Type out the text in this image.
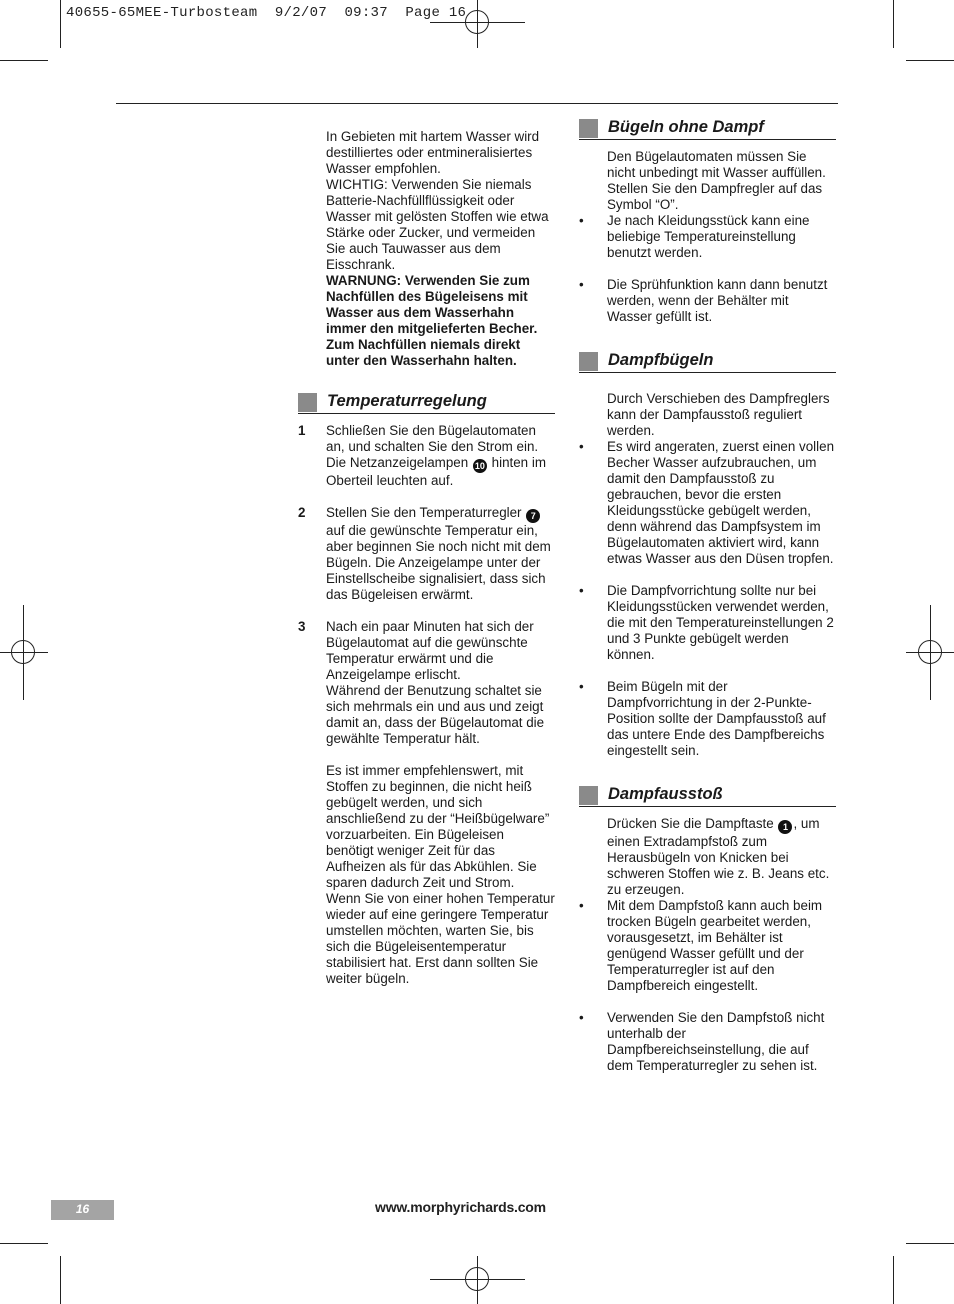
40655-65MEE-Turbosteam  9/2/07  09:37  Page 16

In Gebieten mit hartem Wasser wird destilliertes oder entmineralisiertes Wasser empfohlen.

WICHTIG: Verwenden Sie niemals Batterie-Nachfüllflüssigkeit oder Wasser mit gelösten Stoffen wie etwa Stärke oder Zucker, und vermeiden Sie auch Tauwasser aus dem Eisschrank.

WARNUNG: Verwenden Sie zum Nachfüllen des Bügeleisens mit Wasser aus dem Wasserhahn immer den mitgelieferten Becher. Zum Nachfüllen niemals direkt unter den Wasserhahn halten.

Temperaturregelung
1 Schließen Sie den Bügelautomaten an, und schalten Sie den Strom ein. Die Netzanzeigelampen 10 hinten im Oberteil leuchten auf.
2 Stellen Sie den Temperaturregler 7 auf die gewünschte Temperatur ein, aber beginnen Sie noch nicht mit dem Bügeln. Die Anzeigelampe unter der Einstellscheibe signalisiert, dass sich das Bügeleisen erwärmt.
3 Nach ein paar Minuten hat sich der Bügelautomat auf die gewünschte Temperatur erwärmt und die Anzeigelampe erlischt.

Während der Benutzung schaltet sie sich mehrmals ein und aus und zeigt damit an, dass der Bügelautomat die gewählte Temperatur hält.

Es ist immer empfehlenswert, mit Stoffen zu beginnen, die nicht heiß gebügelt werden, und sich anschließend zu der “Heißbügelware” vorzuarbeiten. Ein Bügeleisen benötigt weniger Zeit für das Aufheizen als für das Abkühlen. Sie sparen dadurch Zeit und Strom.

Wenn Sie von einer hohen Temperatur wieder auf eine geringere Temperatur umstellen möchten, warten Sie, bis sich die Bügeleisentemperatur stabilisiert hat. Erst dann sollten Sie weiter bügeln.

Bügeln ohne Dampf

Den Bügelautomaten müssen Sie nicht unbedingt mit Wasser auffüllen. Stellen Sie den Dampfregler auf das Symbol “O”.

• Je nach Kleidungsstück kann eine beliebige Temperatureinstellung benutzt werden.
• Die Sprühfunktion kann dann benutzt werden, wenn der Behälter mit Wasser gefüllt ist.
Dampfbügeln

Durch Verschieben des Dampfreglers kann der Dampfausstoß reguliert werden.

• Es wird angeraten, zuerst einen vollen Becher Wasser aufzubrauchen, um damit den Dampfausstoß zu gebrauchen, bevor die ersten Kleidungsstücke gebügelt werden, denn während das Dampfsystem im Bügelautomaten aktiviert wird, kann etwas Wasser aus den Düsen tropfen.
• Die Dampfvorrichtung sollte nur bei Kleidungsstücken verwendet werden, die mit den Temperatureinstellungen 2 und 3 Punkte gebügelt werden können.
• Beim Bügeln mit der Dampfvorrichtung in der 2-Punkte-Position sollte der Dampfausstoß auf das untere Ende des Dampfbereichs eingestellt sein.
Dampfausstoß

Drücken Sie die Dampftaste 1 , um einen Extradampfstoß zum Herausbügeln von Knicken bei schweren Stoffen wie z. B. Jeans etc. zu erzeugen.

• Mit dem Dampfstoß kann auch beim trocken Bügeln gearbeitet werden, vorausgesetzt, im Behälter ist genügend Wasser gefüllt und der Temperaturregler ist auf den Dampfbereich eingestellt.
• Verwenden Sie den Dampfstoß nicht unterhalb der Dampfbereichseinstellung, die auf dem Temperaturregler zu sehen ist.
16	www.morphyrichards.com
